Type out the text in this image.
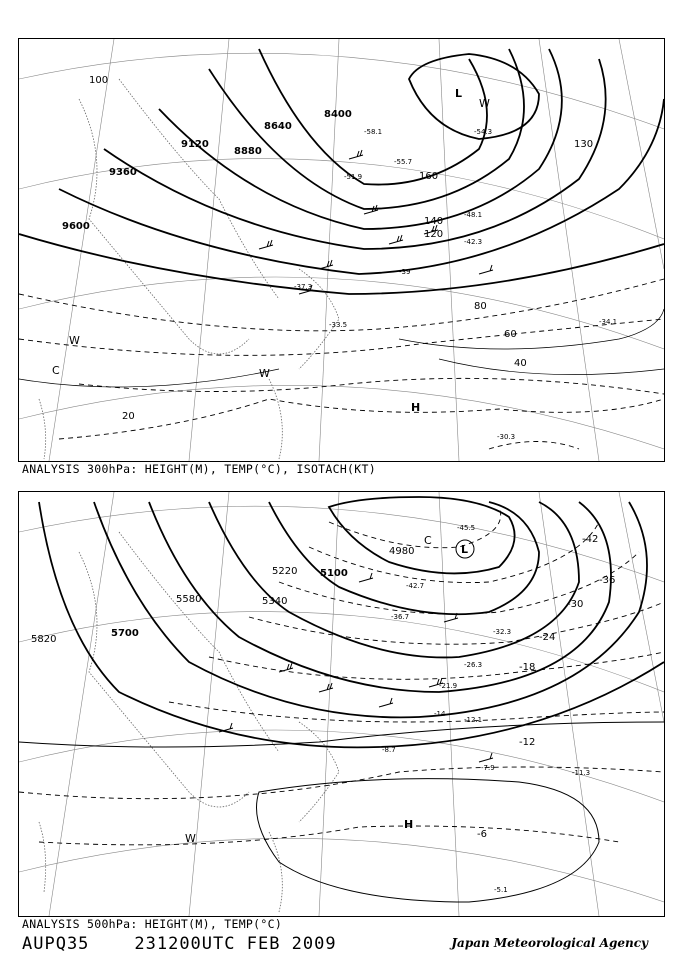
9600
9360
9120
8880
8640
8400
100
80
60
40
20
120
140
130
160
-33.5	-34.1
-37.3
-39
-42.3
-48.1
-51.9
-54.3
-55.7
-58.1
-30.3
L
H
W
C	W
W
ANALYSIS 300hPa: HEIGHT(M), TEMP(°C), ISOTACH(KT)
5820
5700
5580	5340
5220 5100
4980
-42
-36
-30
-24
-18
-12
-6
-45.5
-42.7
-36.7
-32.3
-26.3
-21.9
-14
-12.1
-8.7
-7.9
-11.3
-5.1
L
C
H
W
ANALYSIS 500hPa: HEIGHT(M), TEMP(°C)
AUPQ35	231200UTC FEB 2009	Japan Meteorological Agency
